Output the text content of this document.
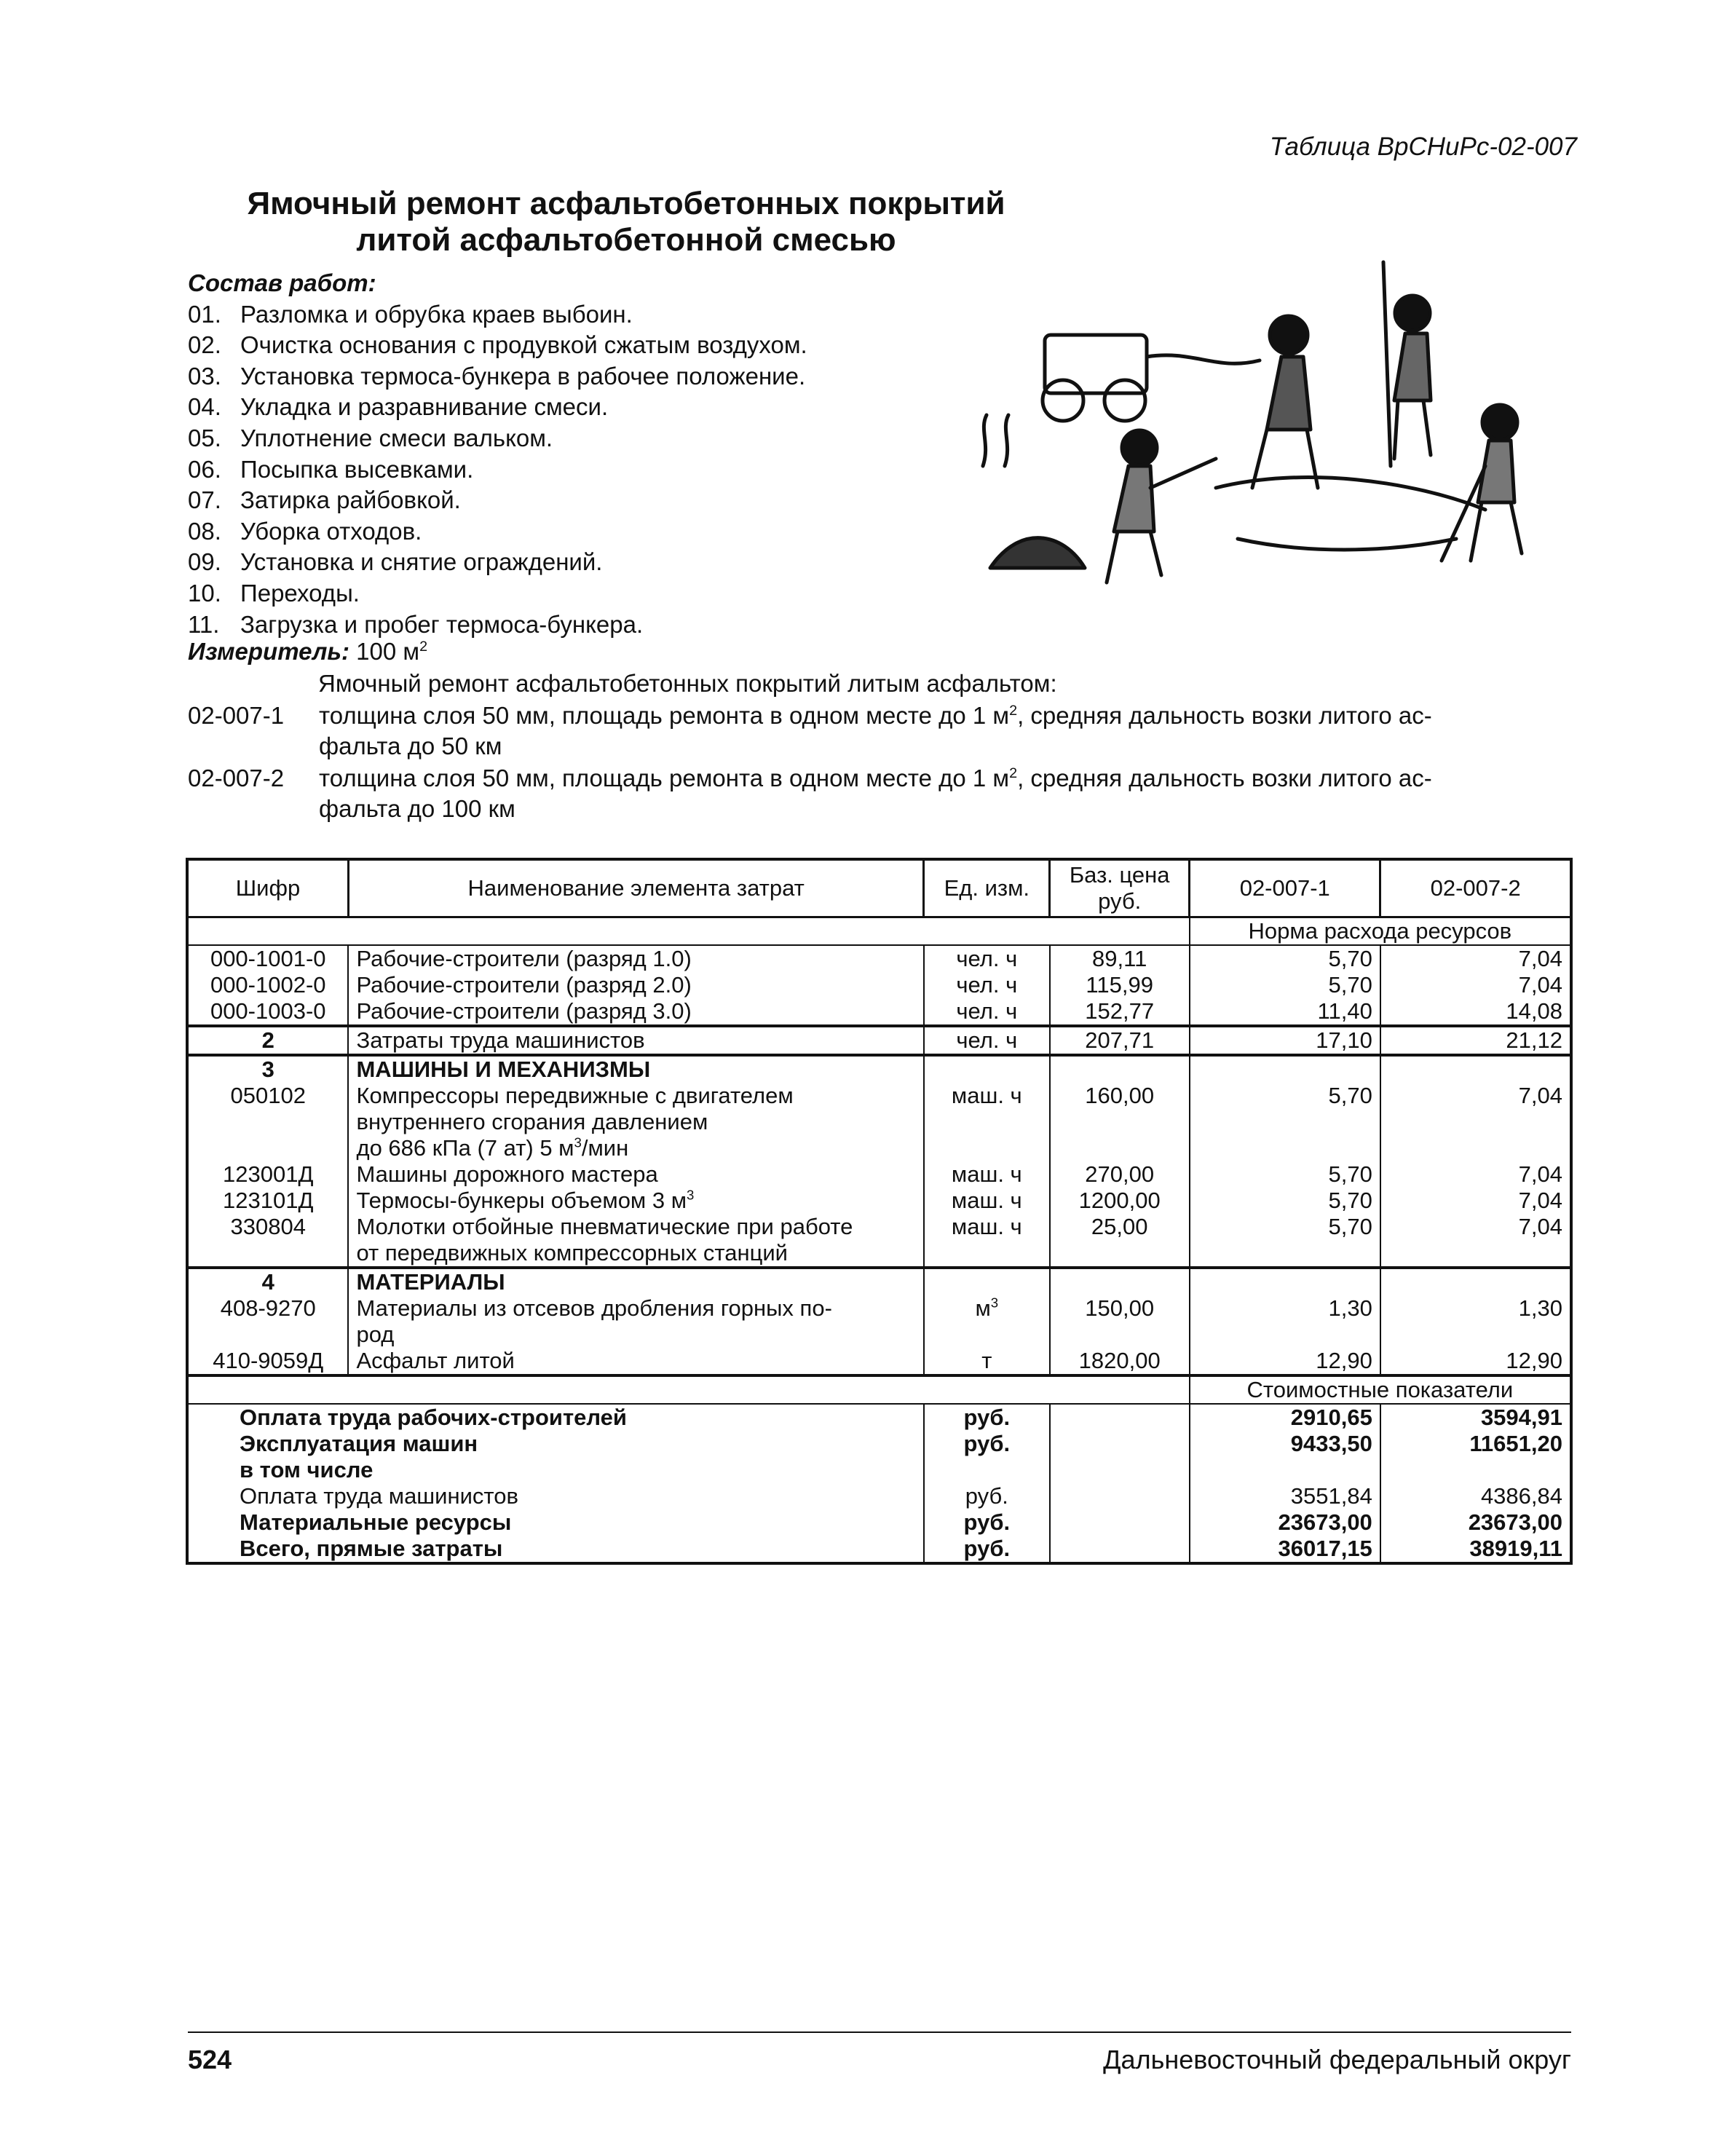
Таблица ВрСНиРс-02-007
Ямочный ремонт асфальтобетонных покрытий
литой асфальтобетонной смесью
Состав работ:
01. Разломка и обрубка краев выбоин.
02. Очистка основания с продувкой сжатым воздухом.
03. Установка термоса-бункера в рабочее положение.
04. Укладка и разравнивание смеси.
05. Уплотнение смеси вальком.
06. Посыпка высевками.
07. Затирка райбовкой.
08. Уборка отходов.
09. Установка и снятие ограждений.
10. Переходы.
11. Загрузка и пробег термоса-бункера.
Измеритель: 100 $м^2$
Ямочный ремонт асфальтобетонных покрытий литым асфальтом:
02-007-1 толщина слоя 50 мм, площадь ремонта в одном месте до 1 $м^2$, средняя дальность возки литого ас-
фальта до 50 км
02-007-2 толщина слоя 50 мм, площадь ремонта в одном месте до 1 $м^2$, средняя дальность возки литого ас-
фальта до 100 км
Шифр	Наименование элемента затрат	Ед. изм.	Баз. цена руб.	02-007-1	02-007-2
				Норма расхода ресурсов	
000-1001-0	Рабочие-строители (разряд 1.0)	чел. ч	89,11	5,70	7,04
000-1002-0	Рабочие-строители (разряд 2.0)	чел. ч	115,99	5,70	7,04
000-1003-0	Рабочие-строители (разряд 3.0)	чел. ч	152,77	11,40	14,08
2	Затраты труда машинистов	чел. ч	207,71	17,10	21,12
3	МАШИНЫ И МЕХАНИЗМЫ				
050102	Компрессоры передвижные с двигателем
внутреннего сгорания давлением
до 686 кПа (7 ат) 5 $м^3$/мин	маш. ч	160,00	5,70	7,04
123001Д	Машины дорожного мастера	маш. ч	270,00	5,70	7,04
123101Д	Термосы-бункеры объемом 3 $м^3$	маш. ч	1200,00	5,70	7,04
330804	Молотки отбойные пневматические при работе
от передвижных компрессорных станций	маш. ч	25,00	5,70	7,04
4	МАТЕРИАЛЫ				
408-9270	Материалы из отсевов дробления горных по-
род	$м^3$	150,00	1,30	1,30
410-9059Д	Асфальт литой	т	1820,00	12,90	12,90
				Стоимостные показатели	
Оплата труда рабочих-строителей		руб.		2910,65	3594,91
Эксплуатация машин		руб.		9433,50	11651,20
в том числе					
Оплата труда машинистов		руб.		3551,84	4386,84
Материальные ресурсы		руб.		23673,00	23673,00
Всего, прямые затраты		руб.		36017,15	38919,11
524	Дальневосточный федеральный округ
